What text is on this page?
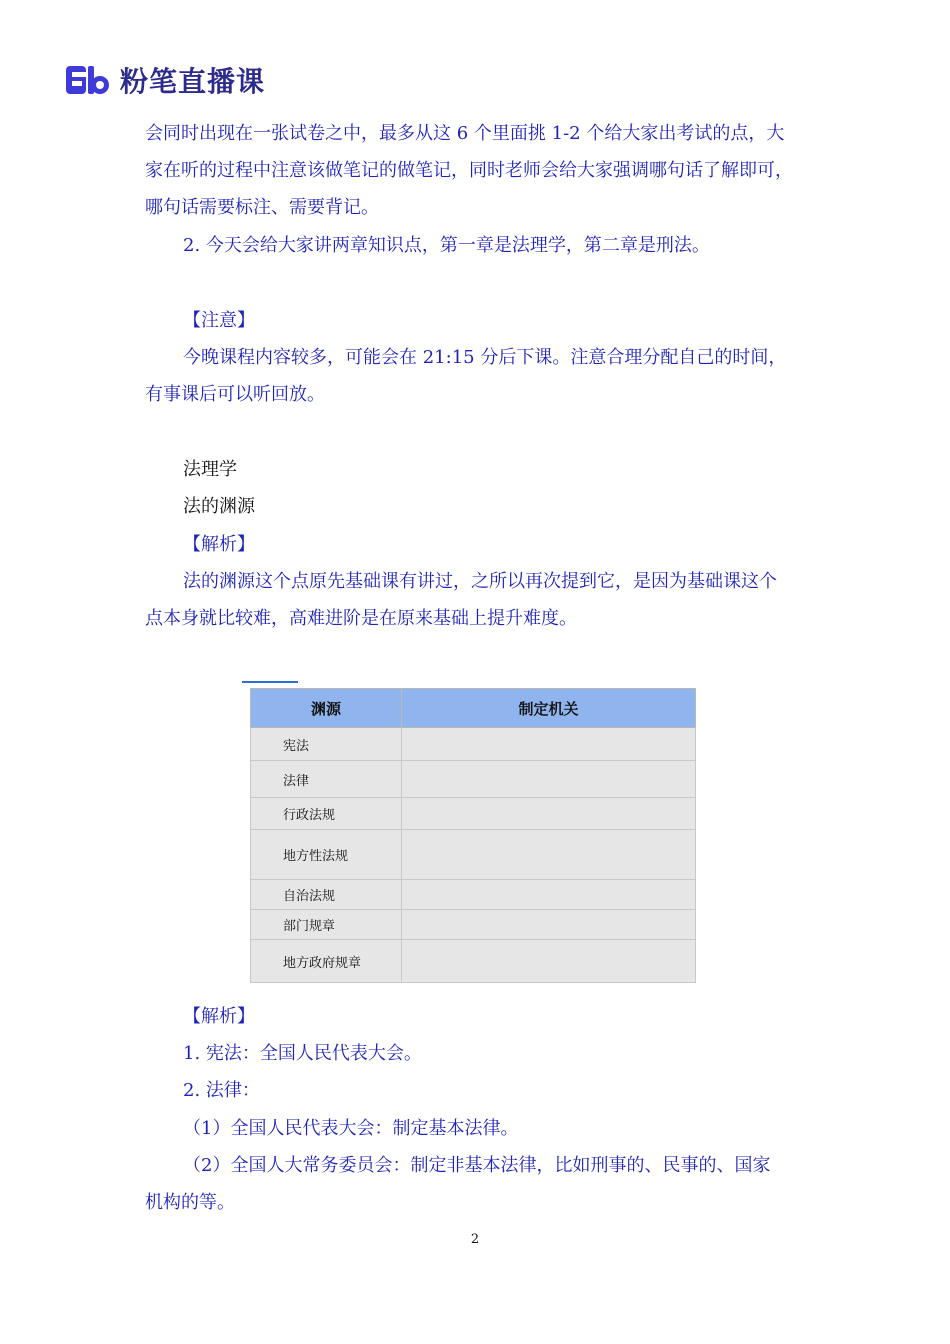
粉笔直播课
会同时出现在一张试卷之中，最多从这 6 个里面挑 1-2 个给大家出考试的点，大
家在听的过程中注意该做笔记的做笔记，同时老师会给大家强调哪句话了解即可，
哪句话需要标注、需要背记。
2. 今天会给大家讲两章知识点，第一章是法理学，第二章是刑法。
【注意】
今晚课程内容较多，可能会在 21:15 分后下课。注意合理分配自己的时间，
有事课后可以听回放。
法理学
法的渊源
【解析】
法的渊源这个点原先基础课有讲过，之所以再次提到它，是因为基础课这个
点本身就比较难，高难进阶是在原来基础上提升难度。
渊源	制定机关
宪法	
法律	
行政法规	
地方性法规	
自治法规	
部门规章	
地方政府规章	
【解析】
1. 宪法：全国人民代表大会。
2. 法律：
（1）全国人民代表大会：制定基本法律。
（2）全国人大常务委员会：制定非基本法律，比如刑事的、民事的、国家
机构的等。
2
